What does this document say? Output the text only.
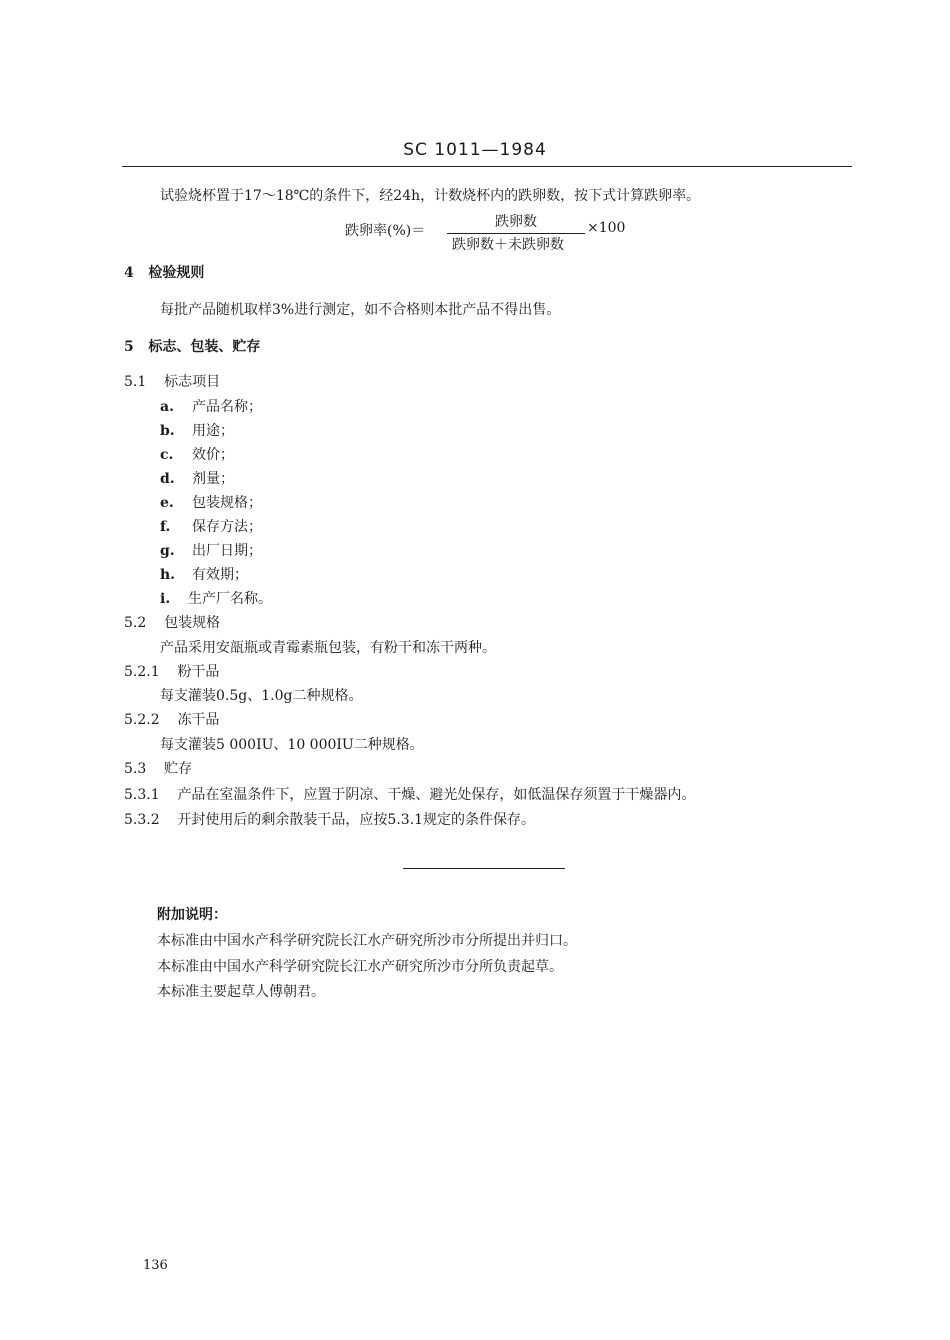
SC 1011—1984
试验烧杯置于17～18℃的条件下，经24h，计数烧杯内的跌卵数，按下式计算跌卵率。
跌卵率(%)＝
跌卵数
跌卵数＋未跌卵数
×100
4 检验规则
每批产品随机取样3%进行测定，如不合格则本批产品不得出售。
5 标志、包装、贮存
5.1 标志项目
a. 产品名称；
b. 用途；
c. 效价；
d. 剂量；
e. 包装规格；
f. 保存方法；
g. 出厂日期；
h. 有效期；
i. 生产厂名称。
5.2 包装规格
产品采用安瓿瓶或青霉素瓶包装，有粉干和冻干两种。
5.2.1 粉干品
每支灌装0.5g、1.0g二种规格。
5.2.2 冻干品
每支灌装5 000IU、10 000IU二种规格。
5.3 贮存
5.3.1 产品在室温条件下，应置于阴凉、干燥、避光处保存，如低温保存须置于干燥器内。
5.3.2 开封使用后的剩余散装干品，应按5.3.1规定的条件保存。
附加说明：
本标准由中国水产科学研究院长江水产研究所沙市分所提出并归口。
本标准由中国水产科学研究院长江水产研究所沙市分所负责起草。
本标准主要起草人傅朝君。
136
